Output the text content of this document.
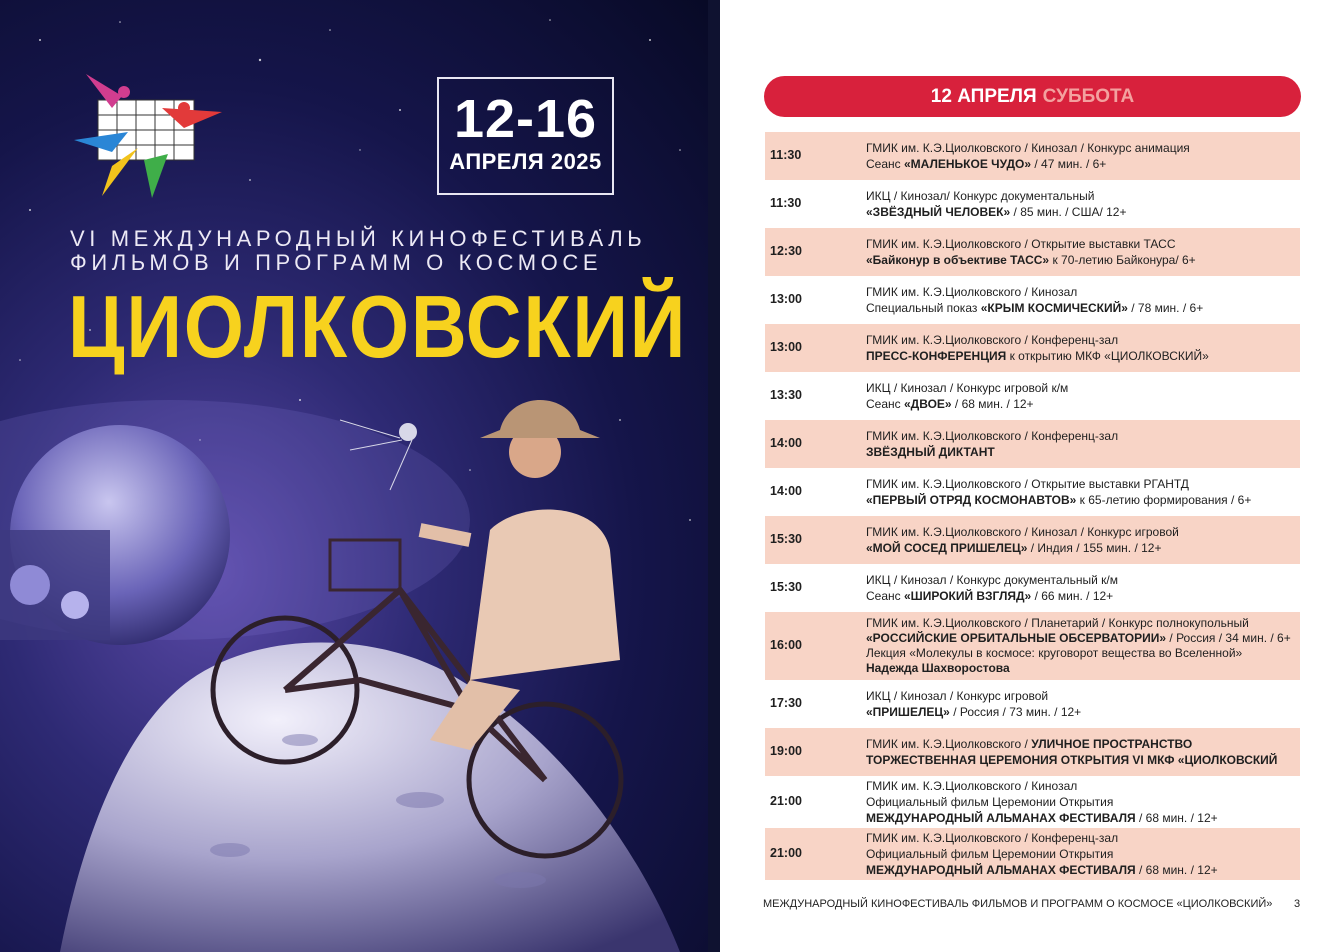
12-16
АПРЕЛЯ 2025
VI МЕЖДУНАРОДНЫЙ КИНОФЕСТИВАЛЬ
ФИЛЬМОВ И ПРОГРАММ О КОСМОСЕ
ЦИОЛКОВСКИЙ
12 АПРЕЛЯ СУББОТА
11:30	ГМИК им. К.Э.Циолковского / Кинозал / Конкурс анимация
Сеанс «МАЛЕНЬКОЕ ЧУДО» / 47 мин. / 6+
11:30	ИКЦ / Кинозал/ Конкурс документальный
«ЗВЁЗДНЫЙ ЧЕЛОВЕК» / 85 мин. / США/ 12+
12:30	ГМИК им. К.Э.Циолковского / Открытие выставки ТАСС
«Байконур в объективе ТАСС» к 70-летию Байконура/ 6+
13:00	ГМИК им. К.Э.Циолковского / Кинозал
Специальный показ «КРЫМ КОСМИЧЕСКИЙ» / 78 мин. / 6+
13:00	ГМИК им. К.Э.Циолковского / Конференц-зал
ПРЕСС-КОНФЕРЕНЦИЯ к открытию МКФ «ЦИОЛКОВСКИЙ»
13:30	ИКЦ / Кинозал / Конкурс игровой к/м
Сеанс «ДВОЕ» / 68 мин. / 12+
14:00	ГМИК им. К.Э.Циолковского / Конференц-зал
ЗВЁЗДНЫЙ ДИКТАНТ
14:00	ГМИК им. К.Э.Циолковского / Открытие выставки РГАНТД
«ПЕРВЫЙ ОТРЯД КОСМОНАВТОВ» к 65-летию формирования / 6+
15:30	ГМИК им. К.Э.Циолковского / Кинозал / Конкурс игровой
«МОЙ СОСЕД ПРИШЕЛЕЦ» / Индия / 155 мин. / 12+
15:30	ИКЦ / Кинозал / Конкурс документальный к/м
Сеанс «ШИРОКИЙ ВЗГЛЯД» / 66 мин. / 12+
16:00
ГМИК им. К.Э.Циолковского / Планетарий / Конкурс полнокупольный
«РОССИЙСКИЕ ОРБИТАЛЬНЫЕ ОБСЕРВАТОРИИ» / Россия / 34 мин. / 6+
Лекция «Молекулы в космосе: круговорот вещества во Вселенной»
Надежда Шахворостова
17:30	ИКЦ / Кинозал / Конкурс игровой
«ПРИШЕЛЕЦ» / Россия / 73 мин. / 12+
19:00	ГМИК им. К.Э.Циолковского / УЛИЧНОЕ ПРОСТРАНСТВО
ТОРЖЕСТВЕННАЯ ЦЕРЕМОНИЯ ОТКРЫТИЯ VI МКФ «ЦИОЛКОВСКИЙ
21:00
ГМИК им. К.Э.Циолковского / Кинозал
Официальный фильм Церемонии Открытия
МЕЖДУНАРОДНЫЙ АЛЬМАНАХ ФЕСТИВАЛЯ / 68 мин. / 12+
21:00
ГМИК им. К.Э.Циолковского / Конференц-зал
Официальный фильм Церемонии Открытия
МЕЖДУНАРОДНЫЙ АЛЬМАНАХ ФЕСТИВАЛЯ / 68 мин. / 12+
МЕЖДУНАРОДНЫЙ КИНОФЕСТИВАЛЬ ФИЛЬМОВ И ПРОГРАММ О КОСМОСЕ «ЦИОЛКОВСКИЙ» 3
